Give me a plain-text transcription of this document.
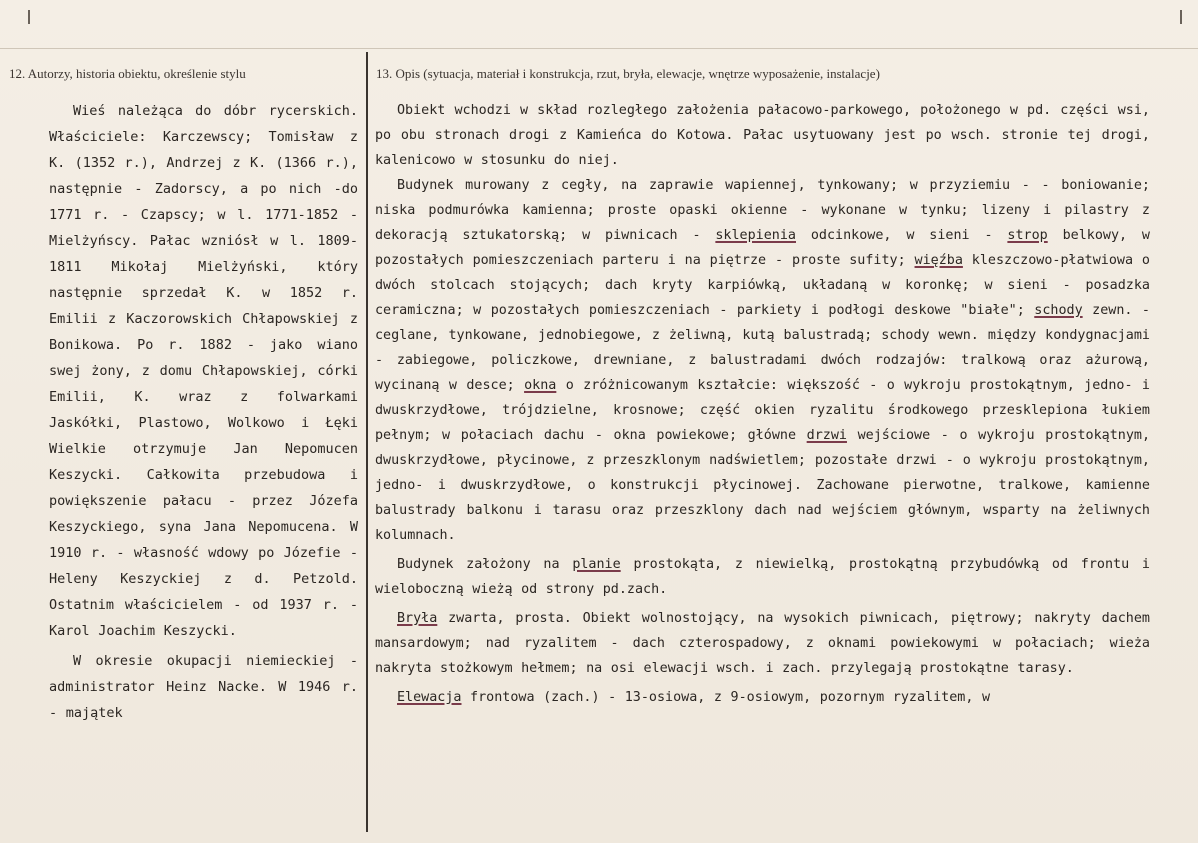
12. Autorzy, historia obiektu, określenie stylu	13. Opis (sytuacja, materiał i konstrukcja, rzut, bryła, elewacje, wnętrze wyposażenie, instalacje)

Wieś należąca do dóbr rycerskich. Właściciele: Karczewscy; Tomisław z K. (1352 r.), Andrzej z K. (1366 r.), następnie - Zadorscy, a po nich -do 1771 r. - Czapscy; w l. 1771-1852 - Mielżyńscy. Pałac wzniósł w l. 1809-1811 Mikołaj Mielżyński, który następnie sprzedał K. w 1852 r. Emilii z Kaczorowskich Chłapowskiej z Bonikowa. Po r. 1882 - jako wiano swej żony, z domu Chłapowskiej, córki Emilii, K. wraz z folwarkami Jaskółki, Plastowo, Wolkowo i Łęki Wielkie otrzymuje Jan Nepomucen Keszycki. Całkowita przebudowa i powiększenie pałacu - przez Józefa Keszyckiego, syna Jana Nepomucena. W 1910 r. - własność wdowy po Józefie - Heleny Keszyckiej z d. Petzold. Ostatnim właścicielem - od 1937 r. - Karol Joachim Keszycki.

W okresie okupacji niemieckiej - administrator Heinz Nacke. W 1946 r. - majątek

Obiekt wchodzi w skład rozległego założenia pałacowo-parkowego, położonego w pd. części wsi, po obu stronach drogi z Kamieńca do Kotowa. Pałac usytuowany jest po wsch. stronie tej drogi, kalenicowo w stosunku do niej.

Budynek murowany z cegły, na zaprawie wapiennej, tynkowany; w przyziemiu - - boniowanie; niska podmurówka kamienna; proste opaski okienne - wykonane w tynku; lizeny i pilastry z dekoracją sztukatorską; w piwnicach - sklepienia odcinkowe, w sieni - strop belkowy, w pozostałych pomieszczeniach parteru i na piętrze - proste sufity; więźba kleszczowo-płatwiowa o dwóch stolcach stojących; dach kryty karpiówką, układaną w koronkę; w sieni - posadzka ceramiczna; w pozostałych pomieszczeniach - parkiety i podłogi deskowe "białe"; schody zewn. - ceglane, tynkowane, jednobiegowe, z żeliwną, kutą balustradą; schody wewn. między kondygnacjami - zabiegowe, policzkowe, drewniane, z balustradami dwóch rodzajów: tralkową oraz ażurową, wycinaną w desce; okna o zróżnicowanym kształcie: większość - o wykroju prostokątnym, jedno- i dwuskrzydłowe, trójdzielne, krosnowe; część okien ryzalitu środkowego przesklepiona łukiem pełnym; w połaciach dachu - okna powiekowe; główne drzwi wejściowe - o wykroju prostokątnym, dwuskrzydłowe, płycinowe, z przeszklonym nadświetlem; pozostałe drzwi - o wykroju prostokątnym, jedno- i dwuskrzydłowe, o konstrukcji płycinowej. Zachowane pierwotne, tralkowe, kamienne balustrady balkonu i tarasu oraz przeszklony dach nad wejściem głównym, wsparty na żeliwnych kolumnach.

Budynek założony na planie prostokąta, z niewielką, prostokątną przybudówką od frontu i wieloboczną wieżą od strony pd.zach.

Bryła zwarta, prosta. Obiekt wolnostojący, na wysokich piwnicach, piętrowy; nakryty dachem mansardowym; nad ryzalitem - dach czterospadowy, z oknami powiekowymi w połaciach; wieża nakryta stożkowym hełmem; na osi elewacji wsch. i zach. przylegają prostokątne tarasy.

Elewacja frontowa (zach.) - 13-osiowa, z 9-osiowym, pozornym ryzalitem, w
